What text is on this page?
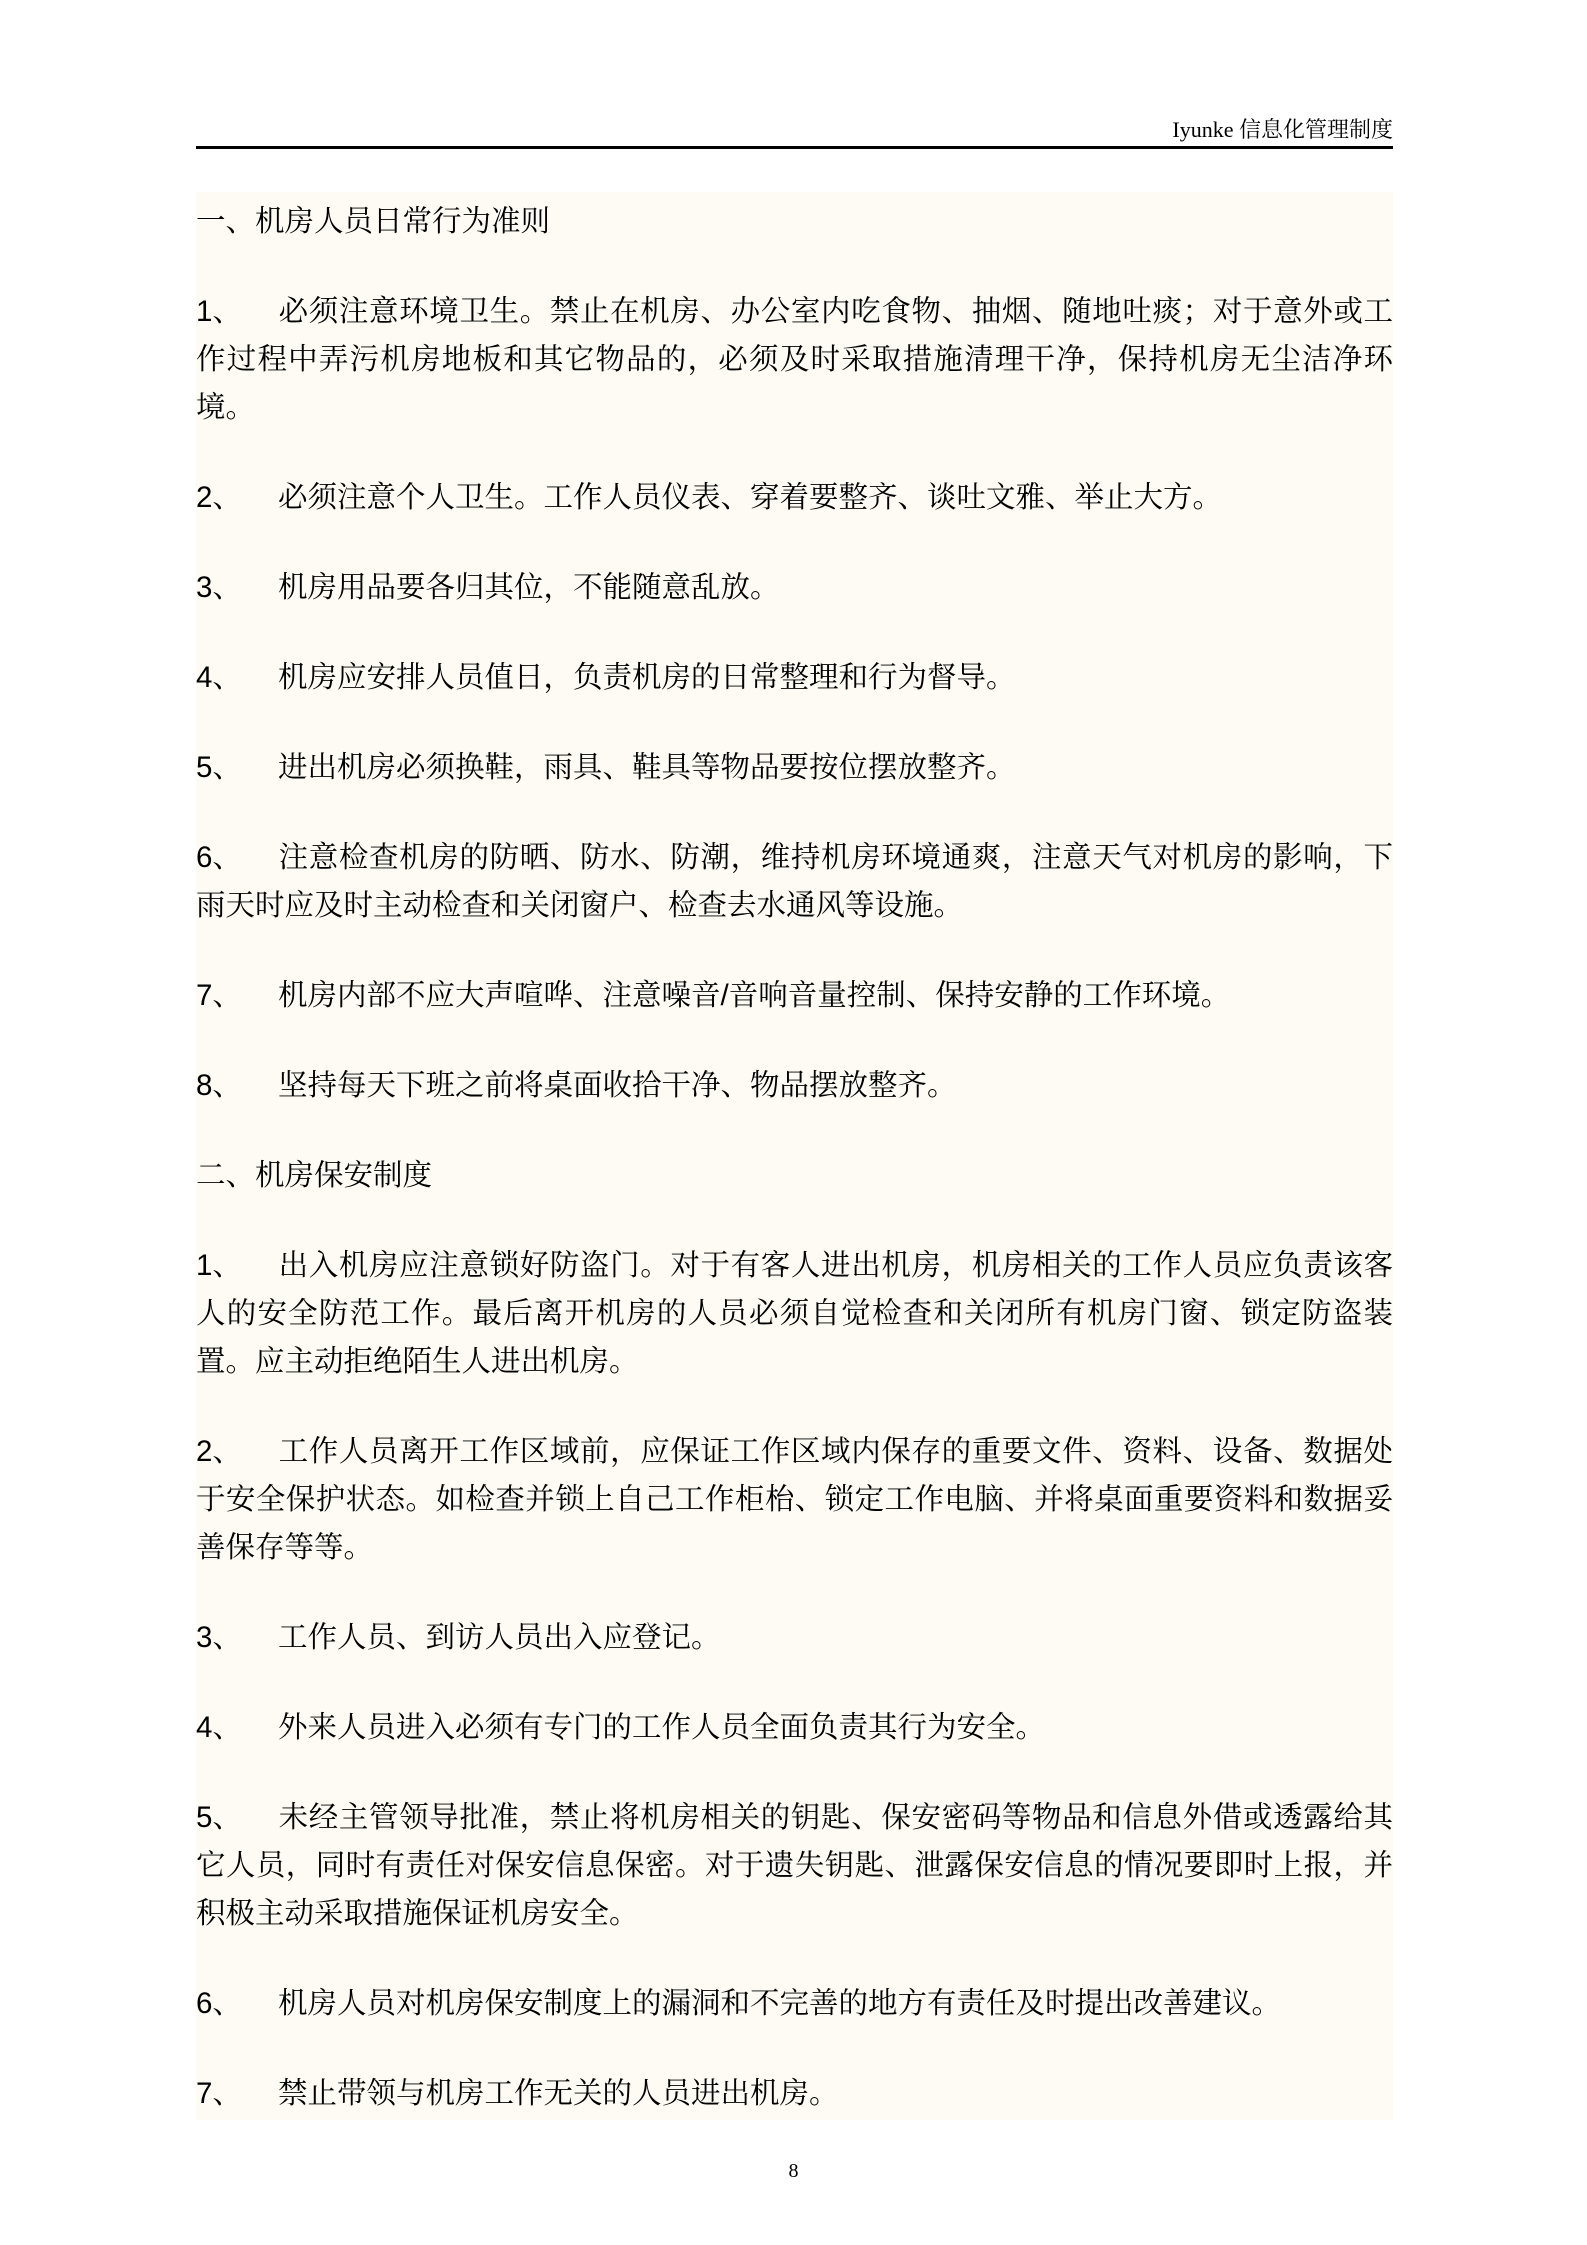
Iyunke 信息化管理制度

一、机房人员日常行为准则

1、 必须注意环境卫生。禁止在机房、办公室内吃食物、抽烟、随地吐痰；对于意外或工作过程中弄污机房地板和其它物品的，必须及时采取措施清理干净，保持机房无尘洁净环境。

2、 必须注意个人卫生。工作人员仪表、穿着要整齐、谈吐文雅、举止大方。

3、 机房用品要各归其位，不能随意乱放。

4、 机房应安排人员值日，负责机房的日常整理和行为督导。

5、 进出机房必须换鞋，雨具、鞋具等物品要按位摆放整齐。

6、 注意检查机房的防晒、防水、防潮，维持机房环境通爽，注意天气对机房的影响，下雨天时应及时主动检查和关闭窗户、检查去水通风等设施。

7、 机房内部不应大声喧哗、注意噪音/音响音量控制、保持安静的工作环境。

8、 坚持每天下班之前将桌面收拾干净、物品摆放整齐。

二、机房保安制度

1、 出入机房应注意锁好防盗门。对于有客人进出机房，机房相关的工作人员应负责该客人的安全防范工作。最后离开机房的人员必须自觉检查和关闭所有机房门窗、锁定防盗装置。应主动拒绝陌生人进出机房。

2、 工作人员离开工作区域前，应保证工作区域内保存的重要文件、资料、设备、数据处于安全保护状态。如检查并锁上自己工作柜枱、锁定工作电脑、并将桌面重要资料和数据妥善保存等等。

3、 工作人员、到访人员出入应登记。

4、 外来人员进入必须有专门的工作人员全面负责其行为安全。

5、 未经主管领导批准，禁止将机房相关的钥匙、保安密码等物品和信息外借或透露给其它人员，同时有责任对保安信息保密。对于遗失钥匙、泄露保安信息的情况要即时上报，并积极主动采取措施保证机房安全。

6、 机房人员对机房保安制度上的漏洞和不完善的地方有责任及时提出改善建议。

7、 禁止带领与机房工作无关的人员进出机房。

8
